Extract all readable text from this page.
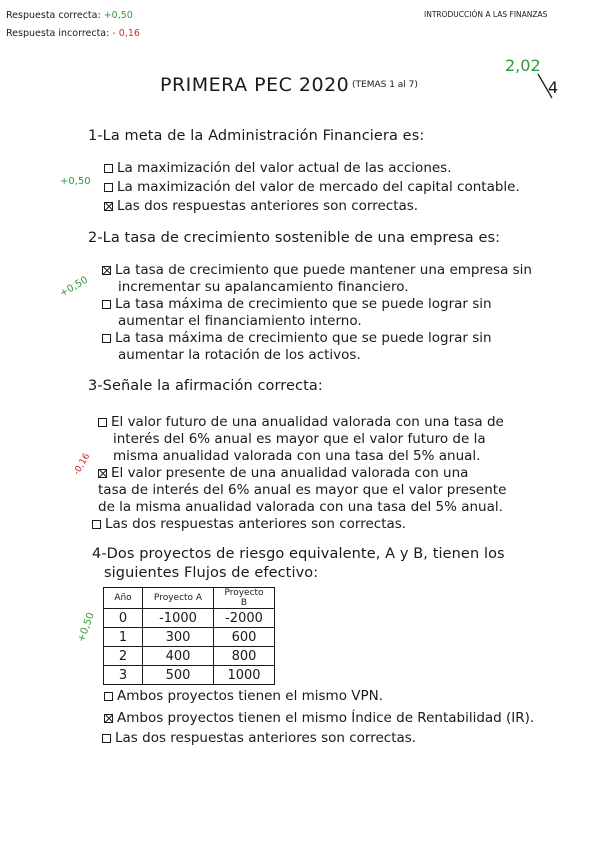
Respuesta correcta: +0,50
Respuesta incorrecta: - 0,16
INTRODUCCIÓN A LAS FINANZAS
2,02
4
PRIMERA PEC 2020 (TEMAS 1 al 7)
1-La meta de la Administración Financiera es:
+0,50
La maximización del valor actual de las acciones.
La maximización del valor de mercado del capital contable.
Las dos respuestas anteriores son correctas.
2-La tasa de crecimiento sostenible de una empresa es:
+0,50
La tasa de crecimiento que puede mantener una empresa sin
incrementar su apalancamiento financiero.
La tasa máxima de crecimiento que se puede lograr sin
aumentar el financiamiento interno.
La tasa máxima de crecimiento que se puede lograr sin
aumentar la rotación de los activos.
3-Señale la afirmación correcta:
-0,16
El valor futuro de una anualidad valorada con una tasa de
interés del 6% anual es mayor que el valor futuro de la
misma anualidad valorada con una tasa del 5% anual.
El valor presente de una anualidad valorada con una
tasa de interés del 6% anual es mayor que el valor presente
de la misma anualidad valorada con una tasa del 5% anual.
Las dos respuestas anteriores son correctas.
4-Dos proyectos de riesgo equivalente, A y B, tienen los
siguientes Flujos de efectivo:
+0,50
Año	Proyecto A	Proyecto B
0	-1000	-2000
1	300	600
2	400	800
3	500	1000
Ambos proyectos tienen el mismo VPN.
Ambos proyectos tienen el mismo Índice de Rentabilidad (IR).
Las dos respuestas anteriores son correctas.
